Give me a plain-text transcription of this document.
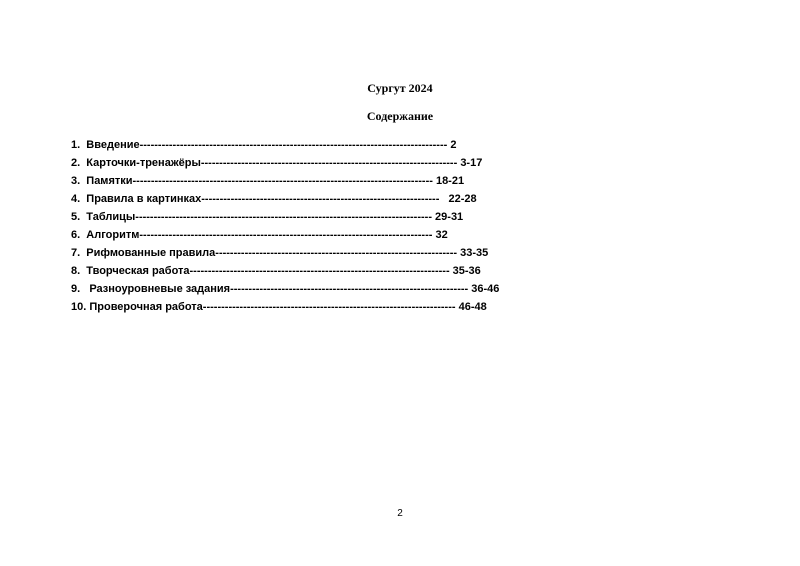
Сургут 2024
Содержание
1.  Введение------------------------------------------------------------------------------------ 2
2.  Карточки-тренажёры---------------------------------------------------------------------- 3-17
3.  Памятки---------------------------------------------------------------------------------- 18-21
4.  Правила в картинках-----------------------------------------------------------------   22-28
5.  Таблицы--------------------------------------------------------------------------------- 29-31
6.  Алгоритм-------------------------------------------------------------------------------- 32
7.  Рифмованные правила------------------------------------------------------------------ 33-35
8.  Творческая работа----------------------------------------------------------------------- 35-36
9.   Разноуровневые задания----------------------------------------------------------------- 36-46
10. Проверочная работа--------------------------------------------------------------------- 46-48
2
